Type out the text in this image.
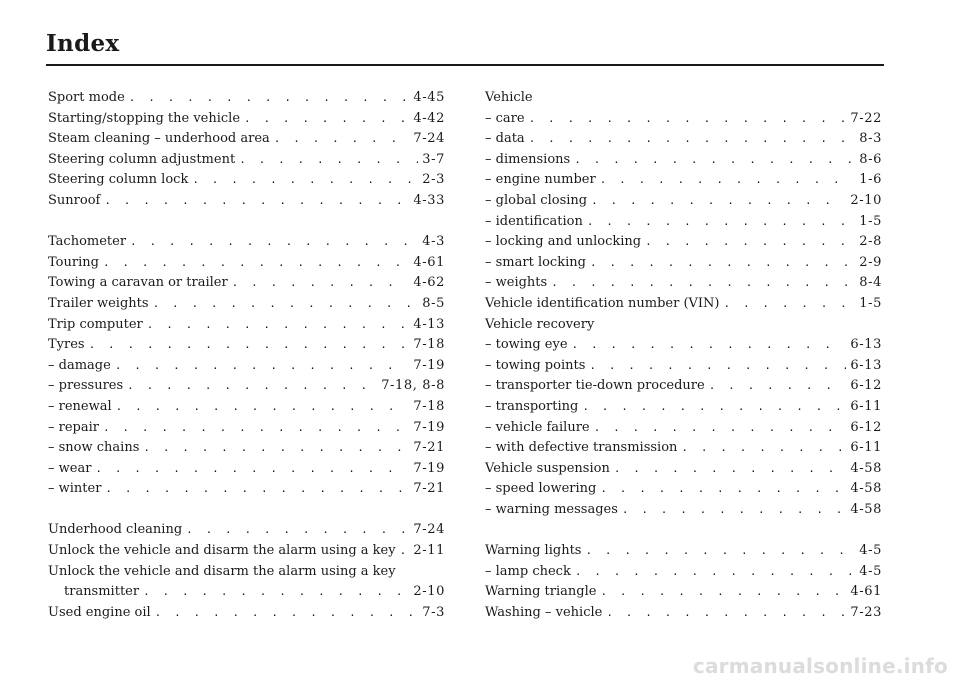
Index
Sport mode . . .	4-45
Starting/stopping the vehicle . . .	4-42
Steam cleaning – underhood area . . .	7-24
Steering column adjustment . . .	3-7
Steering column lock . . .	2-3
Sunroof . . .	4-33
Tachometer . . .	4-3
Touring . . .	4-61
Towing a caravan or trailer . . .	4-62
Trailer weights . . .	8-5
Trip computer . . .	4-13
Tyres . . .	7-18
– damage . . .	7-19
– pressures . . .	7-18, 8-8
– renewal . . .	7-18
– repair . . .	7-19
– snow chains . . .	7-21
– wear . . .	7-19
– winter . . .	7-21
Underhood cleaning . . .	7-24
Unlock the vehicle and disarm the alarm using a key . . . 2-11
Unlock the vehicle and disarm the alarm using a key
transmitter . . .	2-10
Used engine oil . . .	7-3
Vehicle
– care . . .	7-22
– data . . .	8-3
– dimensions . . .	8-6
– engine number . . .	1-6
– global closing . . .	2-10
– identification . . .	1-5
– locking and unlocking . . .	2-8
– smart locking . . .	2-9
– weights . . .	8-4
Vehicle identification number (VIN) . . .	1-5
Vehicle recovery
– towing eye . . .	6-13
– towing points . . .	6-13
– transporter tie-down procedure . . .	6-12
– transporting . . .	6-11
– vehicle failure . . .	6-12
– with defective transmission . . .	6-11
Vehicle suspension . . .	4-58
– speed lowering . . .	4-58
– warning messages . . .	4-58
Warning lights . . .	4-5
– lamp check . . .	4-5
Warning triangle . . .	4-61
Washing – vehicle . . .	7-23
carmanualsonline.info
